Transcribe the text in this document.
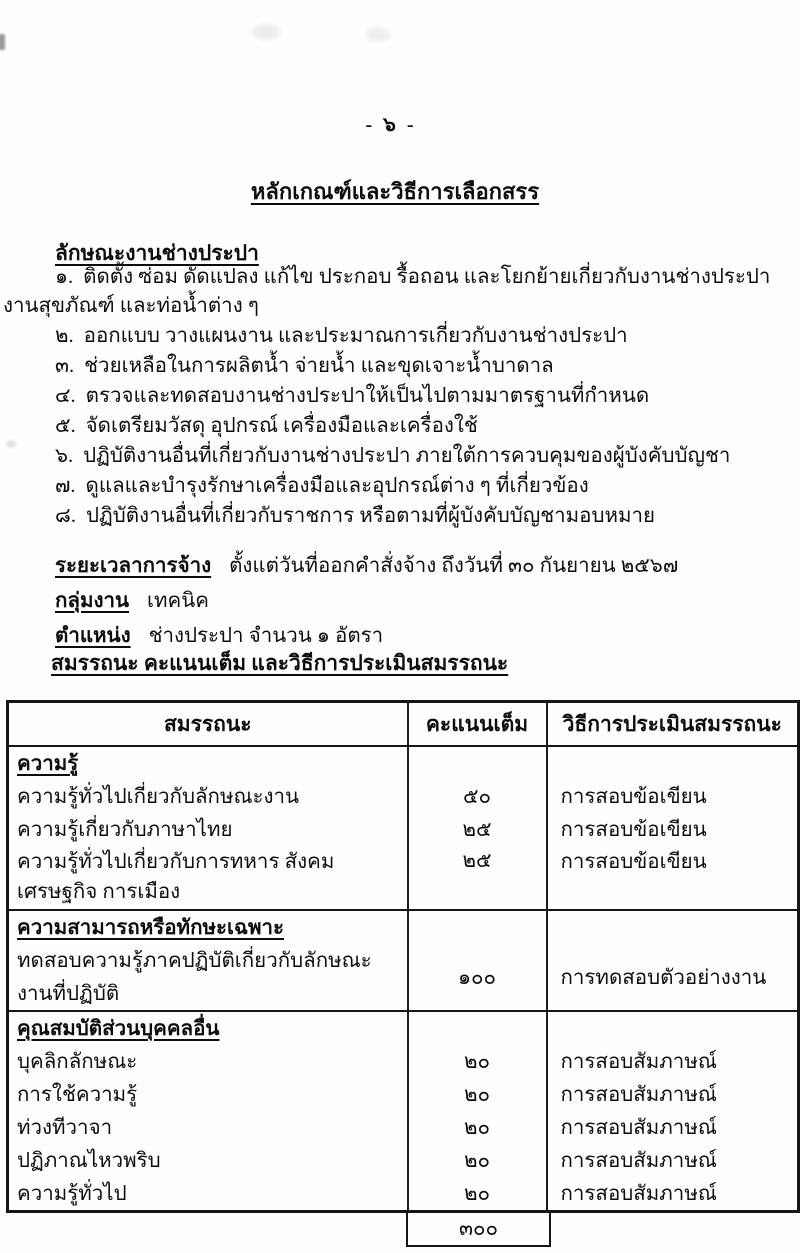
- ๖ -
หลักเกณฑ์และวิธีการเลือกสรร
ลักษณะงานช่างประปา

๑. ติดตั้ง ซ่อม ดัดแปลง แก้ไข ประกอบ รื้อถอน และโยกย้ายเกี่ยวกับงานช่างประปา งานสุขภัณฑ์ และท่อน้ำต่าง ๆ

๒. ออกแบบ วางแผนงาน และประมาณการเกี่ยวกับงานช่างประปา

๓. ช่วยเหลือในการผลิตน้ำ จ่ายน้ำ และขุดเจาะน้ำบาดาล

๔. ตรวจและทดสอบงานช่างประปาให้เป็นไปตามมาตรฐานที่กำหนด

๕. จัดเตรียมวัสดุ อุปกรณ์ เครื่องมือและเครื่องใช้

๖. ปฏิบัติงานอื่นที่เกี่ยวกับงานช่างประปา ภายใต้การควบคุมของผู้บังคับบัญชา

๗. ดูแลและบำรุงรักษาเครื่องมือและอุปกรณ์ต่าง ๆ ที่เกี่ยวข้อง

๘. ปฏิบัติงานอื่นที่เกี่ยวกับราชการ หรือตามที่ผู้บังคับบัญชามอบหมาย

ระยะเวลาการจ้าง ตั้งแต่วันที่ออกคำสั่งจ้าง ถึงวันที่ ๓๐ กันยายน ๒๕๖๗

กลุ่มงาน เทคนิค

ตำแหน่ง ช่างประปา จำนวน ๑ อัตรา

สมรรถนะ คะแนนเต็ม และวิธีการประเมินสมรรถนะ
สมรรถนะ	คะแนนเต็ม	วิธีการประเมินสมรรถนะ
ความรู้		
ความรู้ทั่วไปเกี่ยวกับลักษณะงาน	๕๐	การสอบข้อเขียน
ความรู้เกี่ยวกับภาษาไทย	๒๕	การสอบข้อเขียน
ความรู้ทั่วไปเกี่ยวกับการทหาร สังคม เศรษฐกิจ การเมือง	๒๕	การสอบข้อเขียน
ความสามารถหรือทักษะเฉพาะ		
ทดสอบความรู้ภาคปฏิบัติเกี่ยวกับลักษณะงานที่ปฏิบัติ	๑๐๐	การทดสอบตัวอย่างงาน
คุณสมบัติส่วนบุคคลอื่น		
บุคลิกลักษณะ	๒๐	การสอบสัมภาษณ์
การใช้ความรู้	๒๐	การสอบสัมภาษณ์
ท่วงทีวาจา	๒๐	การสอบสัมภาษณ์
ปฏิภาณไหวพริบ	๒๐	การสอบสัมภาษณ์
ความรู้ทั่วไป	๒๐	การสอบสัมภาษณ์
๓๐๐
